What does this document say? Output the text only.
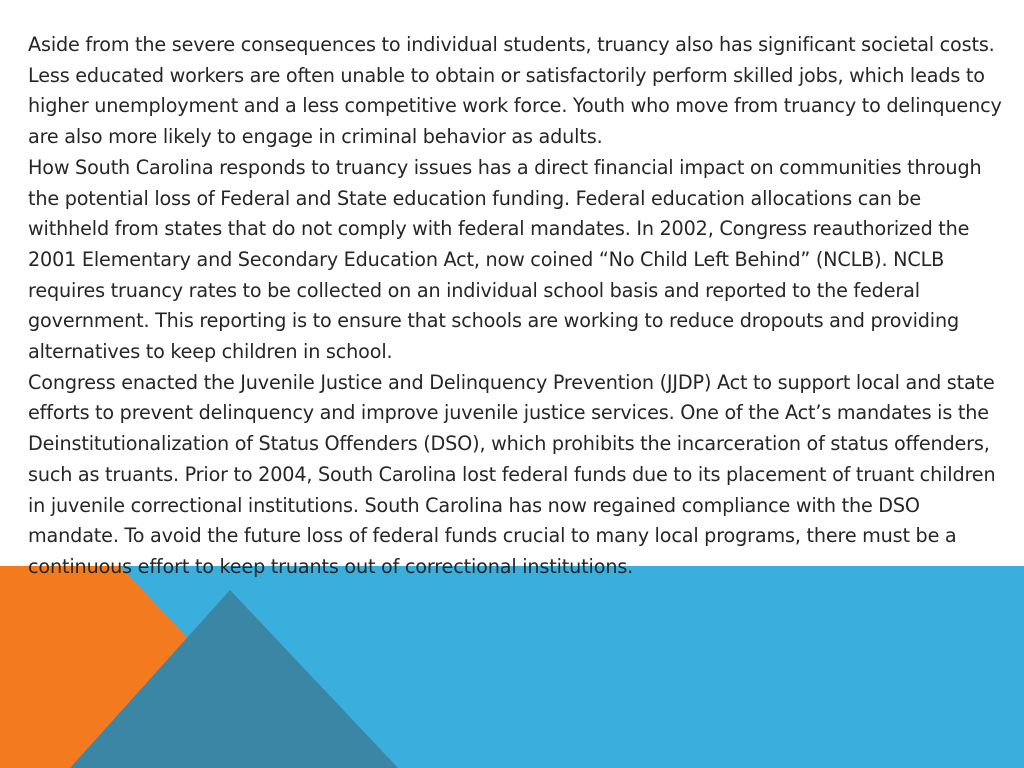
Aside from the severe consequences to individual students, truancy also has significant societal costs. Less educated workers are often unable to obtain or satisfactorily perform skilled jobs, which leads to higher unemployment and a less competitive work force. Youth who move from truancy to delinquency are also more likely to engage in criminal behavior as adults.

How South Carolina responds to truancy issues has a direct financial impact on communities through the potential loss of Federal and State education funding. Federal education allocations can be withheld from states that do not comply with federal mandates. In 2002, Congress reauthorized the 2001 Elementary and Secondary Education Act, now coined “No Child Left Behind” (NCLB). NCLB requires truancy rates to be collected on an individual school basis and reported to the federal government. This reporting is to ensure that schools are working to reduce dropouts and providing alternatives to keep children in school.

Congress enacted the Juvenile Justice and Delinquency Prevention (JJDP) Act to support local and state efforts to prevent delinquency and improve juvenile justice services. One of the Act’s mandates is the Deinstitutionalization of Status Offenders (DSO), which prohibits the incarceration of status offenders, such as truants. Prior to 2004, South Carolina lost federal funds due to its placement of truant children in juvenile correctional institutions. South Carolina has now regained compliance with the DSO mandate. To avoid the future loss of federal funds crucial to many local programs, there must be a continuous effort to keep truants out of correctional institutions.
